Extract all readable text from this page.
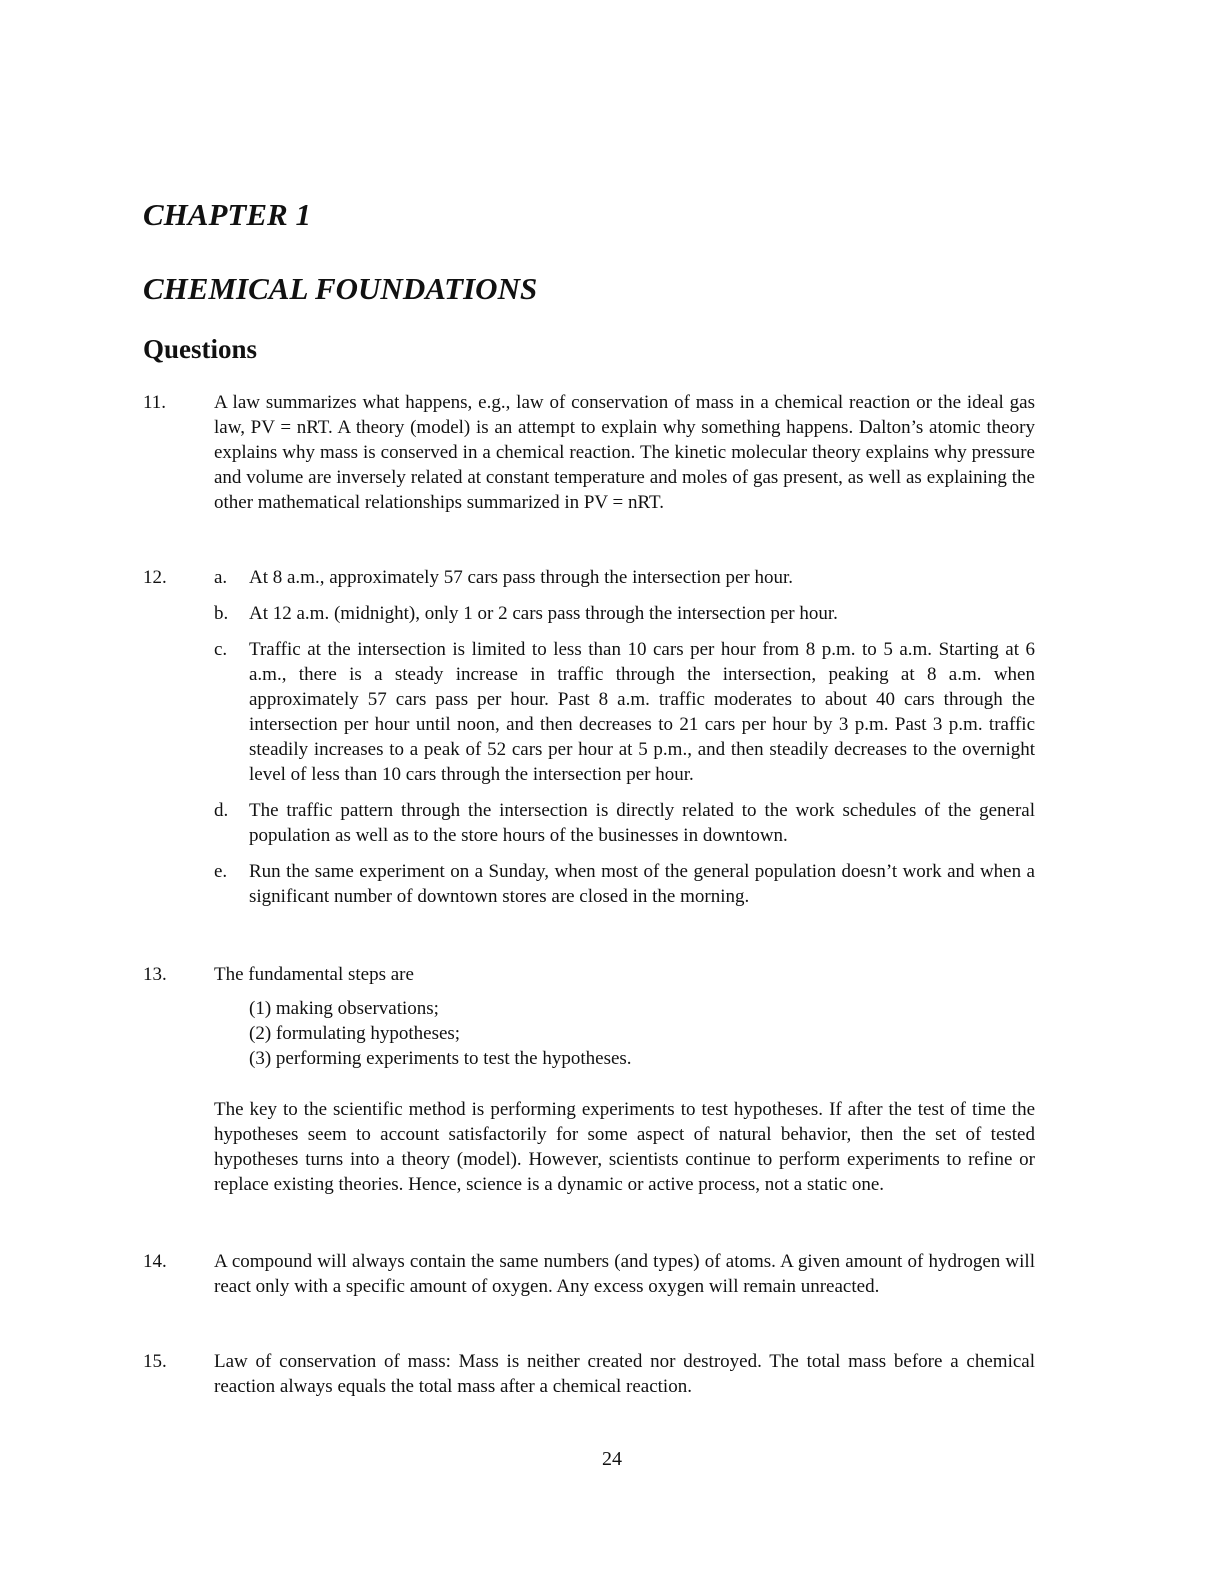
CHAPTER 1
CHEMICAL FOUNDATIONS
Questions
11.	A law summarizes what happens, e.g., law of conservation of mass in a chemical reaction or the ideal gas law, PV = nRT. A theory (model) is an attempt to explain why something happens. Dalton’s atomic theory explains why mass is conserved in a chemical reaction. The kinetic molecular theory explains why pressure and volume are inversely related at constant temperature and moles of gas present, as well as explaining the other mathematical relationships summarized in PV = nRT.

12.	a. At 8 a.m., approximately 57 cars pass through the intersection per hour.
b. At 12 a.m. (midnight), only 1 or 2 cars pass through the intersection per hour.
c. Traffic at the intersection is limited to less than 10 cars per hour from 8 p.m. to 5 a.m. Starting at 6 a.m., there is a steady increase in traffic through the intersection, peaking at 8 a.m. when approximately 57 cars pass per hour. Past 8 a.m. traffic moderates to about 40 cars through the intersection per hour until noon, and then decreases to 21 cars per hour by 3 p.m. Past 3 p.m. traffic steadily increases to a peak of 52 cars per hour at 5 p.m., and then steadily decreases to the overnight level of less than 10 cars through the intersection per hour.
d. The traffic pattern through the intersection is directly related to the work schedules of the general population as well as to the store hours of the businesses in downtown.
e. Run the same experiment on a Sunday, when most of the general population doesn’t work and when a significant number of downtown stores are closed in the morning.
13.	The fundamental steps are

(1) making observations;

(2) formulating hypotheses;

(3) performing experiments to test the hypotheses.

The key to the scientific method is performing experiments to test hypotheses. If after the test of time the hypotheses seem to account satisfactorily for some aspect of natural behavior, then the set of tested hypotheses turns into a theory (model). However, scientists continue to perform experiments to refine or replace existing theories. Hence, science is a dynamic or active process, not a static one.

14.	A compound will always contain the same numbers (and types) of atoms. A given amount of hydrogen will react only with a specific amount of oxygen. Any excess oxygen will remain unreacted.

15.	Law of conservation of mass: Mass is neither created nor destroyed. The total mass before a chemical reaction always equals the total mass after a chemical reaction.

24
